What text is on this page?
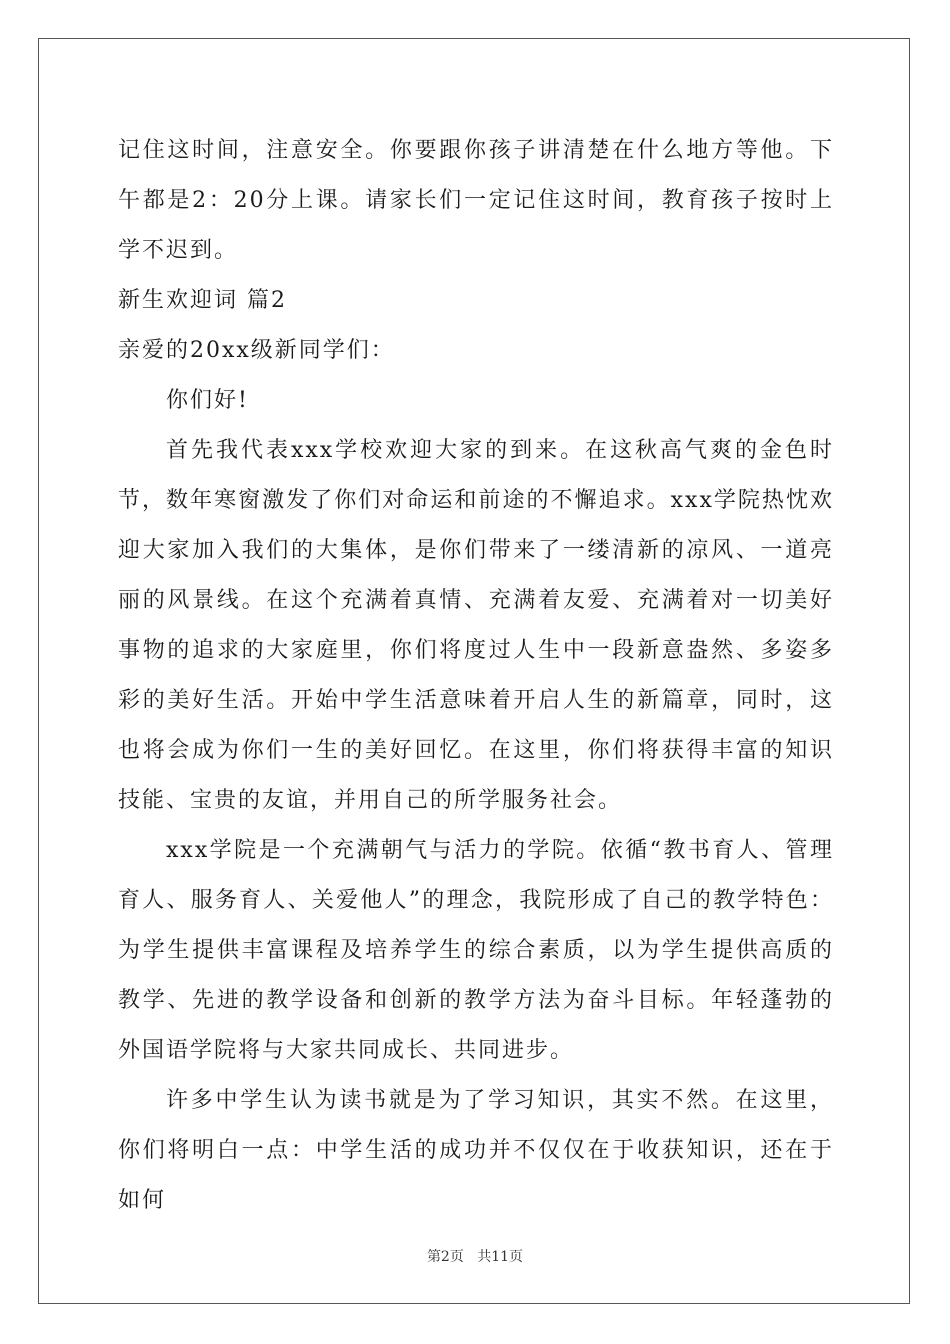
记住这时间，注意安全。你要跟你孩子讲清楚在什么地方等他。下午都是2：20分上课。请家长们一定记住这时间，教育孩子按时上学不迟到。

新生欢迎词 篇2

亲爱的20xx级新同学们：

你们好!

首先我代表xxx学校欢迎大家的到来。在这秋高气爽的金色时节，数年寒窗激发了你们对命运和前途的不懈追求。xxx学院热忱欢迎大家加入我们的大集体，是你们带来了一缕清新的凉风、一道亮丽的风景线。在这个充满着真情、充满着友爱、充满着对一切美好事物的追求的大家庭里，你们将度过人生中一段新意盎然、多姿多彩的美好生活。开始中学生活意味着开启人生的新篇章，同时，这也将会成为你们一生的美好回忆。在这里，你们将获得丰富的知识技能、宝贵的友谊，并用自己的所学服务社会。

xxx学院是一个充满朝气与活力的学院。依循“教书育人、管理育人、服务育人、关爱他人”的理念，我院形成了自己的教学特色：为学生提供丰富课程及培养学生的综合素质，以为学生提供高质的教学、先进的教学设备和创新的教学方法为奋斗目标。年轻蓬勃的外国语学院将与大家共同成长、共同进步。

许多中学生认为读书就是为了学习知识，其实不然。在这里，你们将明白一点：中学生活的成功并不仅仅在于收获知识，还在于如何

第2页 共11页
